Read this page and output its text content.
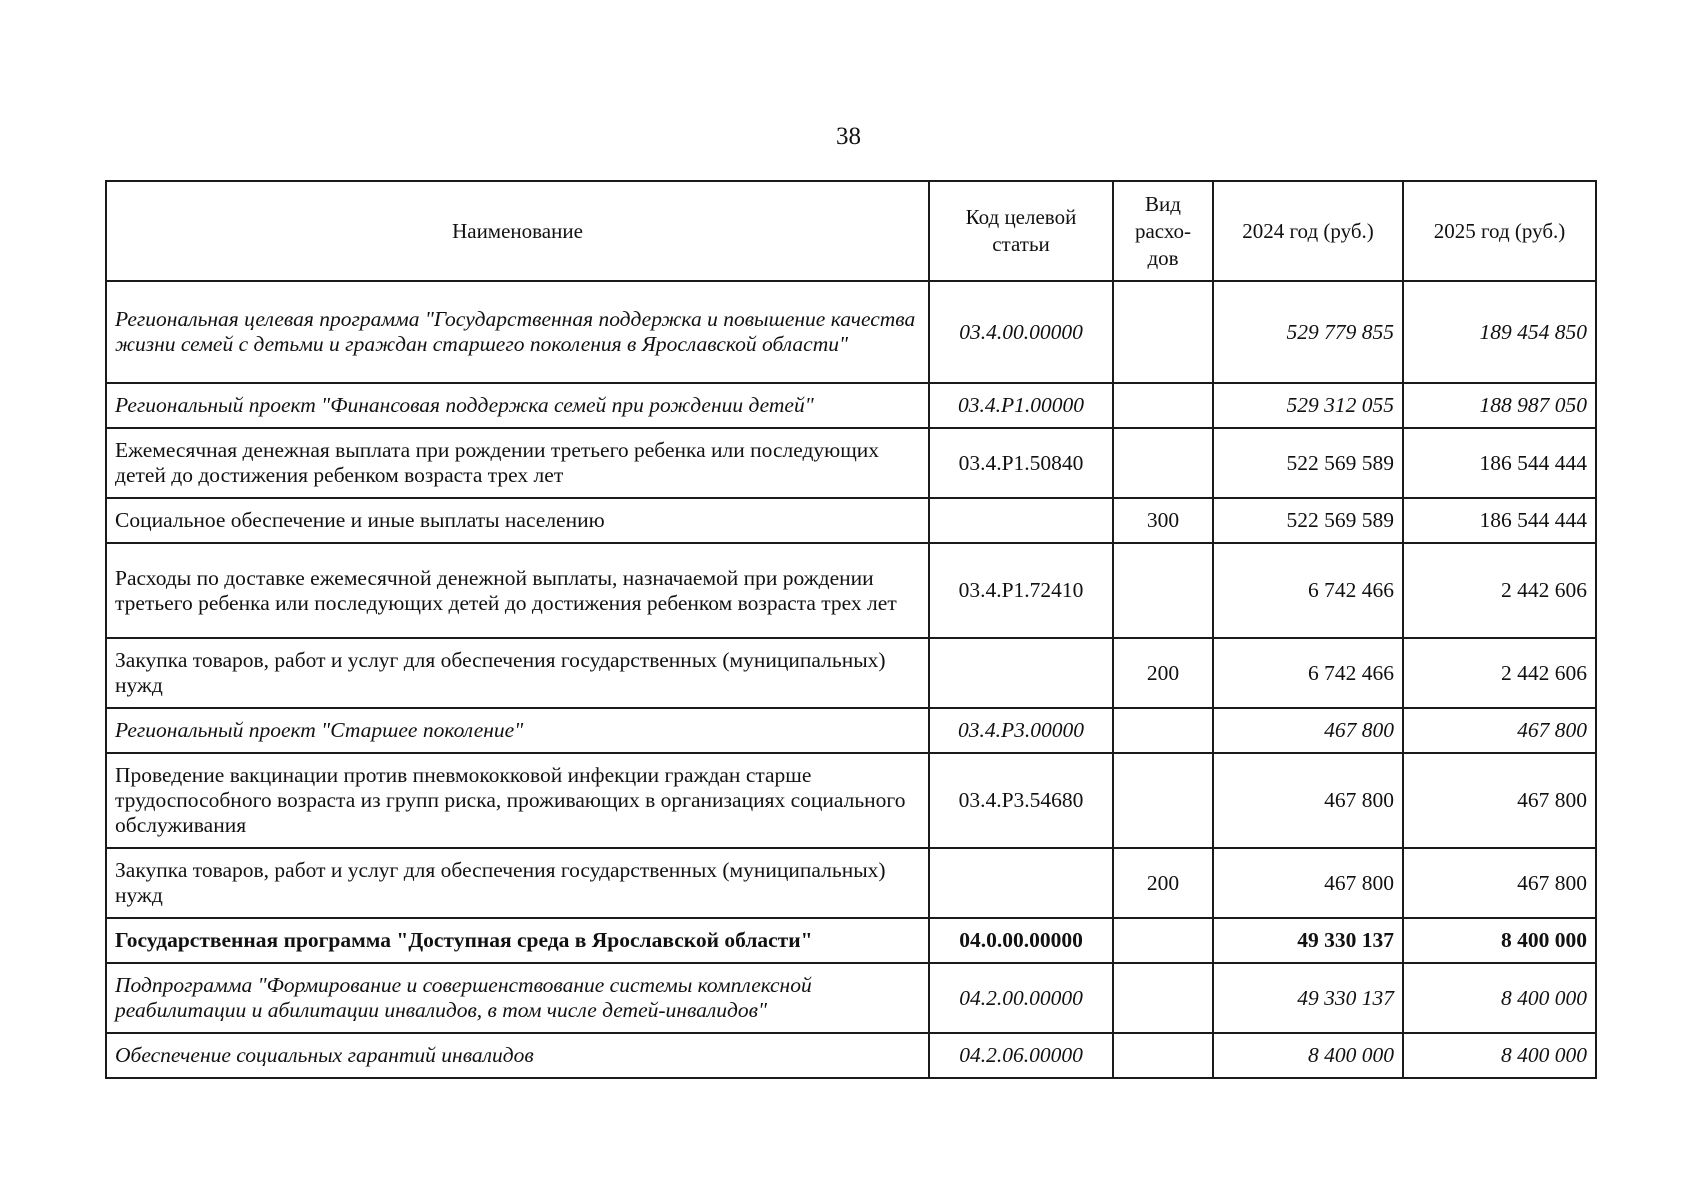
38
Наименование	Код целевой статьи	Вид расхо-дов	2024 год (руб.)	2025 год (руб.)
Региональная целевая программа "Государственная поддержка и повышение качества жизни семей с детьми и граждан старшего поколения в Ярославской области"	03.4.00.00000		529 779 855	189 454 850
Региональный проект "Финансовая поддержка семей при рождении детей"	03.4.Р1.00000		529 312 055	188 987 050
Ежемесячная денежная выплата при рождении третьего ребенка или последующих детей до достижения ребенком возраста трех лет	03.4.Р1.50840		522 569 589	186 544 444
Социальное обеспечение и иные выплаты населению		300	522 569 589	186 544 444
Расходы по доставке ежемесячной денежной выплаты, назначаемой при рождении третьего ребенка или последующих детей до достижения ребенком возраста трех лет	03.4.Р1.72410		6 742 466	2 442 606
Закупка товаров, работ и услуг для обеспечения государственных (муниципальных) нужд		200	6 742 466	2 442 606
Региональный проект "Старшее поколение"	03.4.Р3.00000		467 800	467 800
Проведение вакцинации против пневмококковой инфекции граждан старше трудоспособного возраста из групп риска, проживающих в организациях социального обслуживания	03.4.Р3.54680		467 800	467 800
Закупка товаров, работ и услуг для обеспечения государственных (муниципальных) нужд		200	467 800	467 800
Государственная программа "Доступная среда в Ярославской области"	04.0.00.00000		49 330 137	8 400 000
Подпрограмма "Формирование и совершенствование системы комплексной реабилитации и абилитации инвалидов, в том числе детей-инвалидов"	04.2.00.00000		49 330 137	8 400 000
Обеспечение социальных гарантий инвалидов	04.2.06.00000		8 400 000	8 400 000
